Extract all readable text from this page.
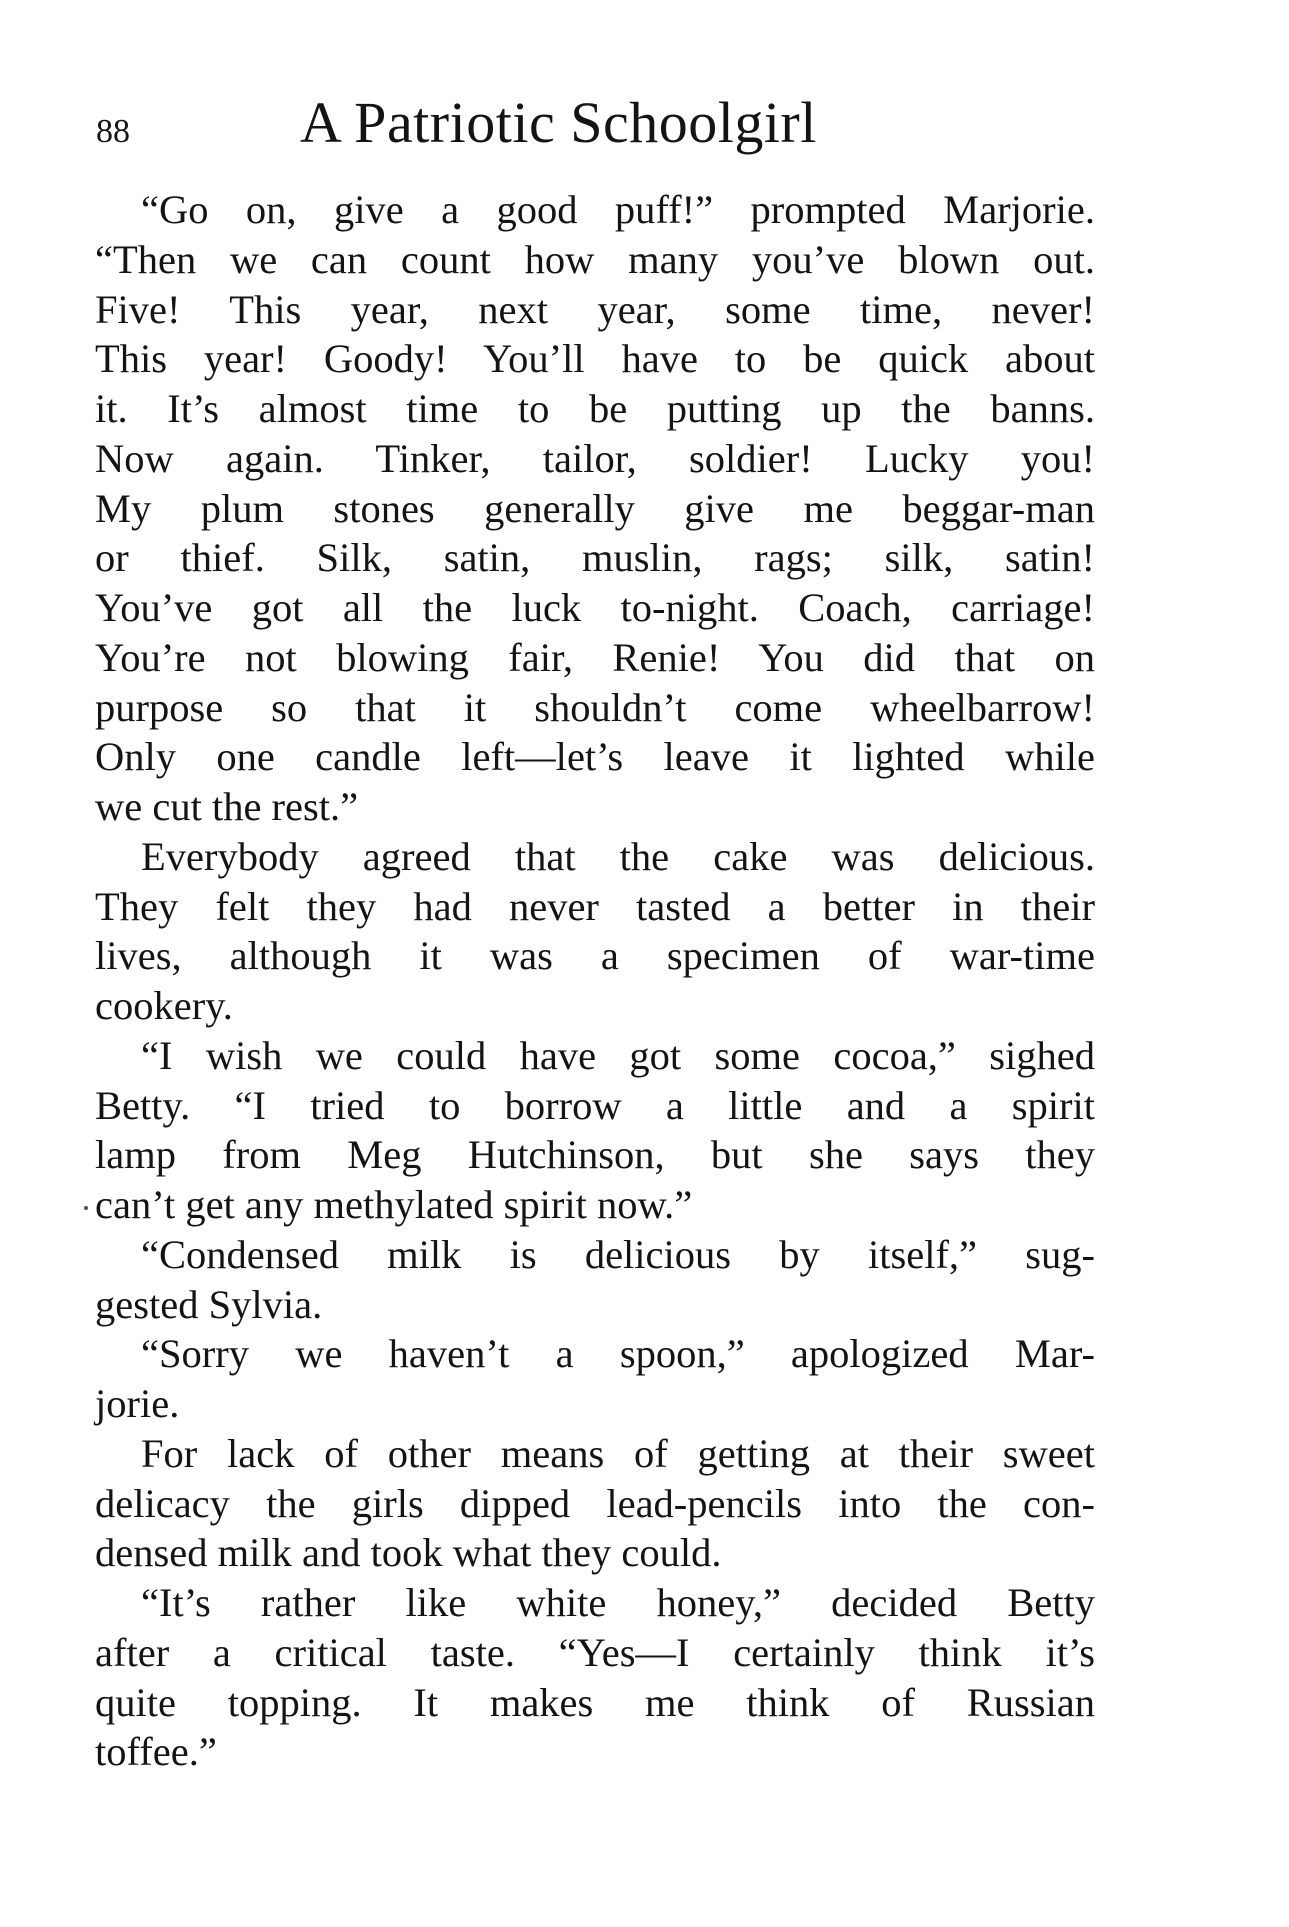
88	A Patriotic Schoolgirl
“Go on, give a good puff!” prompted Marjorie.
“Then we can count how many you’ve blown out.
Five! This year, next year, some time, never!
This year! Goody! You’ll have to be quick about
it. It’s almost time to be putting up the banns.
Now again. Tinker, tailor, soldier! Lucky you!
My plum stones generally give me beggar-man
or thief. Silk, satin, muslin, rags; silk, satin!
You’ve got all the luck to-night. Coach, carriage!
You’re not blowing fair, Renie! You did that on
purpose so that it shouldn’t come wheelbarrow!
Only one candle left—let’s leave it lighted while
we cut the rest.”
Everybody agreed that the cake was delicious.
They felt they had never tasted a better in their
lives, although it was a specimen of war-time
cookery.
“I wish we could have got some cocoa,” sighed
Betty. “I tried to borrow a little and a spirit
lamp from Meg Hutchinson, but she says they
can’t get any methylated spirit now.”
“Condensed milk is delicious by itself,” sug-
gested Sylvia.
“Sorry we haven’t a spoon,” apologized Mar-
jorie.
For lack of other means of getting at their sweet
delicacy the girls dipped lead-pencils into the con-
densed milk and took what they could.
“It’s rather like white honey,” decided Betty
after a critical taste. “Yes—I certainly think it’s
quite topping. It makes me think of Russian
toffee.”
